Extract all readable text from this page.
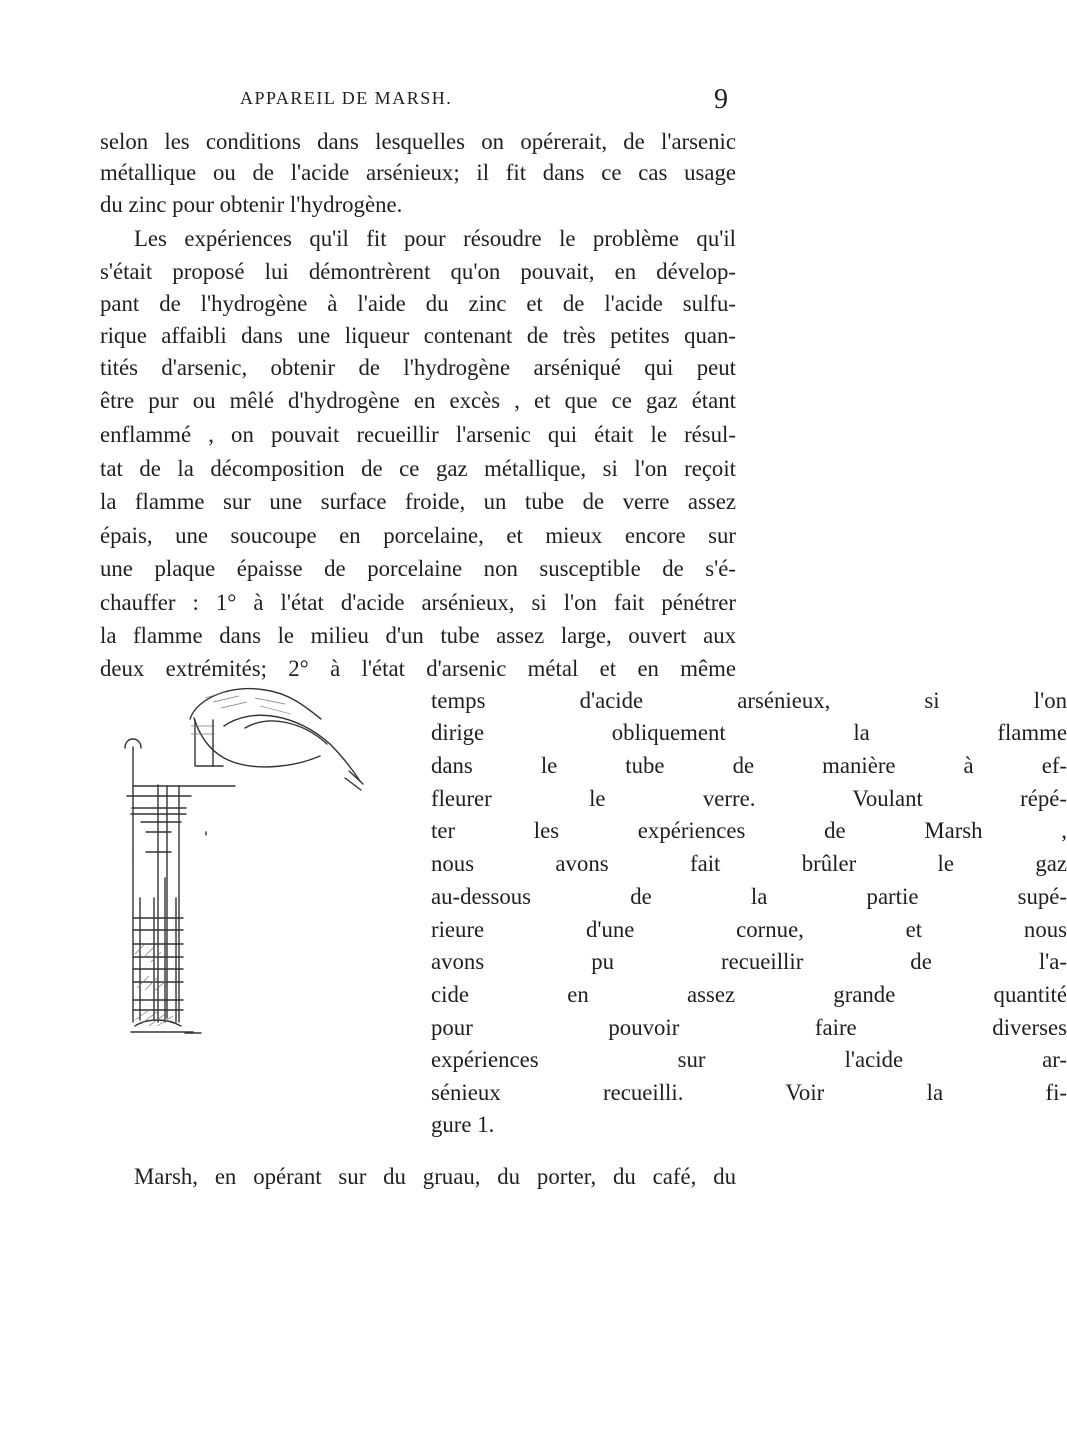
APPAREIL DE MARSH.	9
selon les conditions dans lesquelles on opérerait, de l'arsenic
métallique ou de l'acide arsénieux; il fit dans ce cas usage
du zinc pour obtenir l'hydrogène.
Les expériences qu'il fit pour résoudre le problème qu'il
s'était proposé lui démontrèrent qu'on pouvait, en dévelop-
pant de l'hydrogène à l'aide du zinc et de l'acide sulfu-
rique affaibli dans une liqueur contenant de très petites quan-
tités d'arsenic, obtenir de l'hydrogène arséniqué qui peut
être pur ou mêlé d'hydrogène en excès , et que ce gaz étant
enflammé , on pouvait recueillir l'arsenic qui était le résul-
tat de la décomposition de ce gaz métallique, si l'on reçoit
la flamme sur une surface froide, un tube de verre assez
épais, une soucoupe en porcelaine, et mieux encore sur
une plaque épaisse de porcelaine non susceptible de s'é-
chauffer : 1° à l'état d'acide arsénieux, si l'on fait pénétrer
la flamme dans le milieu d'un tube assez large, ouvert aux
deux extrémités; 2° à l'état d'arsenic métal et en même
temps d'acide arsénieux, si l'on
dirige obliquement la flamme
dans le tube de manière à ef-
fleurer le verre. Voulant répé-
ter les expériences de Marsh ,
nous avons fait brûler le gaz
au-dessous de la partie supé-
rieure d'une cornue, et nous
avons pu recueillir de l'a-
cide en assez grande quantité
pour pouvoir faire diverses
expériences sur l'acide ar-
sénieux recueilli. Voir la fi-
gure 1.
Marsh, en opérant sur du gruau, du porter, du café, du
